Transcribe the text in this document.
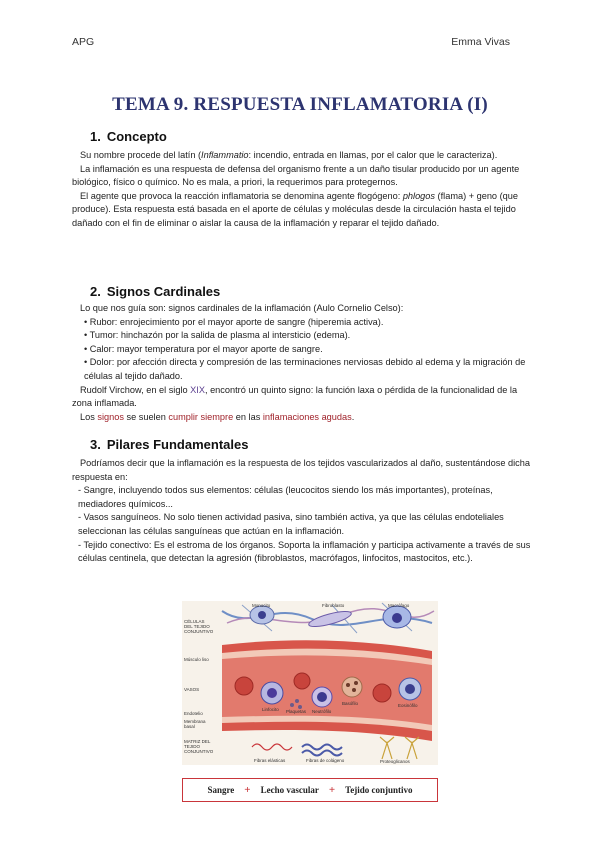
APG	Emma Vivas
TEMA 9. RESPUESTA INFLAMATORIA (I)
1. Concepto

Su nombre procede del latín (Inflammatio: incendio, entrada en llamas, por el calor que le caracteriza).

La inflamación es una respuesta de defensa del organismo frente a un daño tisular producido por un agente biológico, físico o químico. No es mala, a priori, la requerimos para protegernos.

El agente que provoca la reacción inflamatoria se denomina agente flogógeno: phlogos (flama) + geno (que produce). Esta respuesta está basada en el aporte de células y moléculas desde la circulación hasta el tejido dañado con el fin de eliminar o aislar la causa de la inflamación y reparar el tejido dañado.

2. Signos Cardinales

Lo que nos guía son: signos cardinales de la inflamación (Aulo Cornelio Celso):

• Rubor: enrojecimiento por el mayor aporte de sangre (hiperemia activa).
• Tumor: hinchazón por la salida de plasma al intersticio (edema).
• Calor: mayor temperatura por el mayor aporte de sangre.
• Dolor: por afección directa y compresión de las terminaciones nerviosas debido al edema y la migración de células al tejido dañado.

Rudolf Virchow, en el siglo XIX, encontró un quinto signo: la función laxa o pérdida de la funcionalidad de la zona inflamada.

Los signos se suelen cumplir siempre en las inflamaciones agudas.

3. Pilares Fundamentales

Podríamos decir que la inflamación es la respuesta de los tejidos vascularizados al daño, sustentándose dicha respuesta en:

- Sangre, incluyendo todos sus elementos: células (leucocitos siendo los más importantes), proteínas, mediadores químicos...
- Vasos sanguíneos. No solo tienen actividad pasiva, sino también activa, ya que las células endoteliales seleccionan las células sanguíneas que actúan en la inflamación.
- Tejido conectivo: Es el estroma de los órganos. Soporta la inflamación y participa activamente a través de sus células centinela, que detectan la agresión (fibroblastos, macrófagos, linfocitos, mastocitos, etc.).
CÉLULAS DEL TEJIDO CONJUNTIVO
Músculo liso
VASOS
Endotelio
Membrana basal
MATRIZ DEL TEJIDO CONJUNTIVO
Monocito	Fibroblasto	Macrófago
Plaquetas
Linfocito	Neutrófilo
Basófilo	Eosinófilo
Fibras elásticas	Fibras de colágeno	Proteoglicanos
Sangre + Lecho vascular + Tejido conjuntivo
